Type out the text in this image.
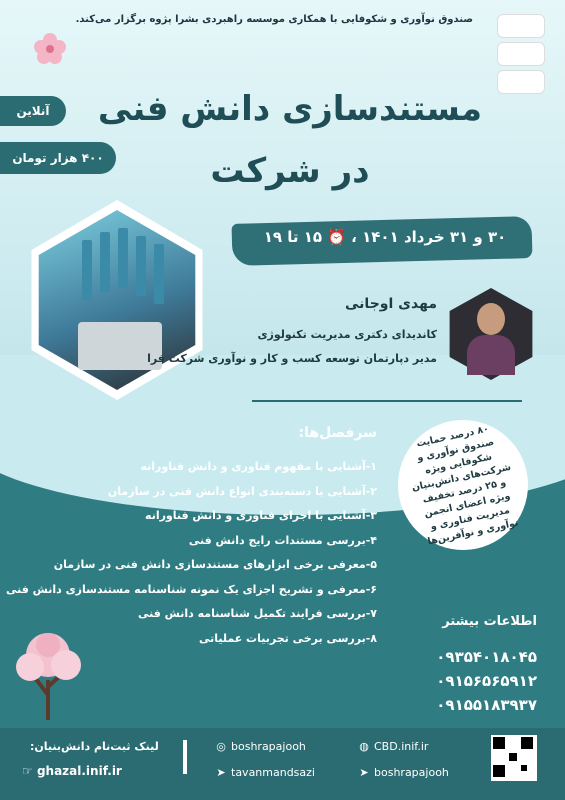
صندوق نوآوری و شکوفایی با همکاری موسسه راهبردی بشرا پژوه برگزار می‌کند.
آنلاین
۴۰۰ هزار تومان
مستندسازی دانش فنی
در شرکت
۳۰ و ۳۱ خرداد ۱۴۰۱ ، ⏰ ۱۵ تا ۱۹
مهدی اوجانی
کاندیدای دکتری مدیریت تکنولوژی
مدیر دپارتمان توسعه کسب و کار و نوآوری شرکت فرا
سرفصل‌ها:
۱-آشنایی با مفهوم فناوری و دانش فناورانه
۲-آشنایی با دسته‌بندی انواع دانش فنی در سازمان
۳-آشنایی با اجزای فناوری و دانش فناورانه
۴-بررسی مستندات رایج دانش فنی
۵-معرفی برخی ابزارهای مستندسازی دانش فنی در سازمان
۶-معرفی و تشریح اجزای یک نمونه شناسنامه مستندسازی دانش فنی
۷-بررسی فرایند تکمیل شناسنامه دانش فنی
۸-بررسی برخی تجربیات عملیاتی
۸۰ درصد حمایت صندوق نوآوری و شکوفایی ویژه شرکت‌های دانش‌بنیان و ۲۵ درصد تخفیف ویژه اعضای انجمن مدیریت فناوری و نوآوری و نوآفرین‌ها
اطلاعات بیشتر
۰۹۳۵۴۰۱۸۰۴۵
۰۹۱۵۶۵۶۵۹۱۲
۰۹۱۵۵۱۸۳۹۳۷
◍ CBD.inif.ir
◎ boshrapajooh
➤ boshrapajooh
➤ tavanmandsazi
لینک ثبت‌نام دانش‌بنیان:
☞ ghazal.inif.ir
